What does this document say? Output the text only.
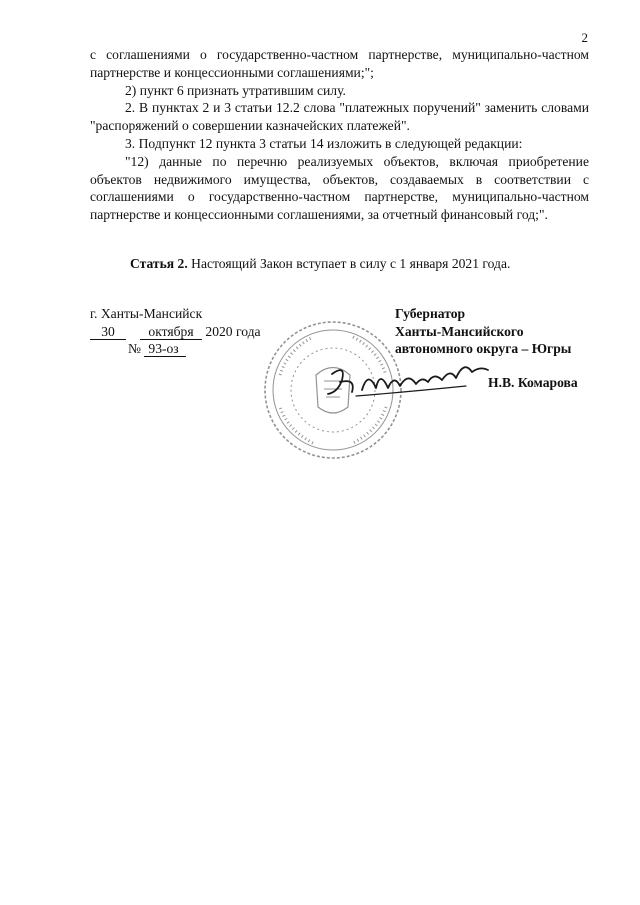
2

с соглашениями о государственно-частном партнерстве, муниципально-частном партнерстве и концессионными соглашениями;";

2) пункт 6 признать утратившим силу.

2. В пунктах 2 и 3 статьи 12.2 слова "платежных поручений" заменить словами "распоряжений о совершении казначейских платежей".

3. Подпункт 12 пункта 3 статьи 14 изложить в следующей редакции:

"12) данные по перечню реализуемых объектов, включая приобретение объектов недвижимого имущества, объектов, создаваемых в соответствии с соглашениями о государственно-частном партнерстве, муниципально-частном партнерстве и концессионными соглашениями, за отчетный финансовый год;".

Статья 2. Настоящий Закон вступает в силу с 1 января 2021 года.
г. Ханты-Мансийск
30 октября 2020 года
№ 93-оз
Губернатор
Ханты-Мансийского
автономного округа – Югры
Н.В. Комарова
